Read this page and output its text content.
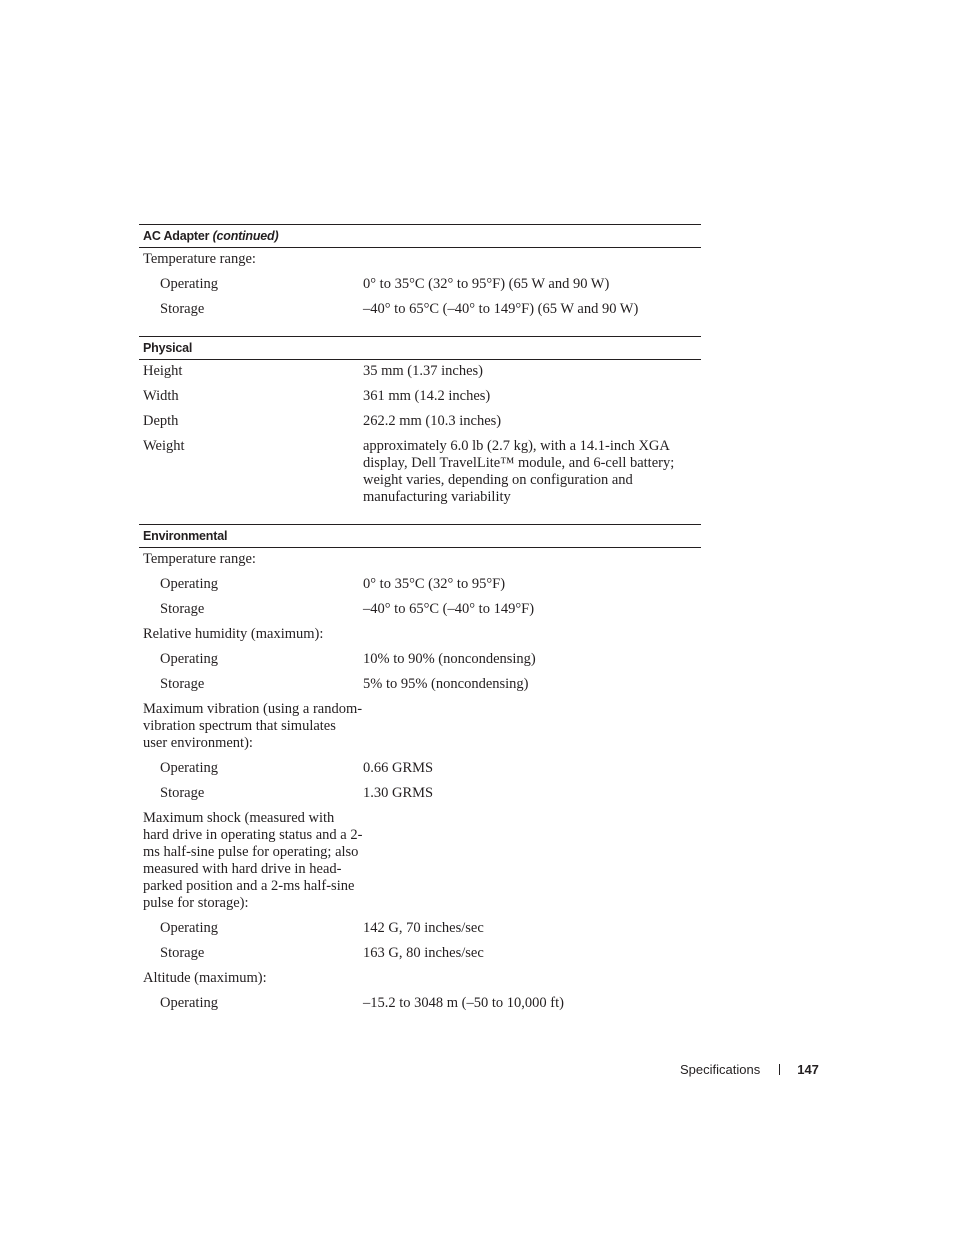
AC Adapter (continued)
Temperature range:
Operating	0° to 35°C (32° to 95°F) (65 W and 90 W)
Storage	–40° to 65°C (–40° to 149°F) (65 W and 90 W)
Physical
Height	35 mm (1.37 inches)
Width	361 mm (14.2 inches)
Depth	262.2 mm (10.3 inches)
Weight	approximately 6.0 lb (2.7 kg), with a 14.1-inch XGA display, Dell TravelLite™ module, and 6-cell battery; weight varies, depending on configuration and manufacturing variability
Environmental
Temperature range:
Operating	0° to 35°C (32° to 95°F)
Storage	–40° to 65°C (–40° to 149°F)
Relative humidity (maximum):
Operating	10% to 90% (noncondensing)
Storage	5% to 95% (noncondensing)
Maximum vibration (using a random-vibration spectrum that simulates user environment):
Operating	0.66 GRMS
Storage	1.30 GRMS
Maximum shock (measured with hard drive in operating status and a 2-ms half-sine pulse for operating; also measured with hard drive in head-parked position and a 2-ms half-sine pulse for storage):
Operating	142 G, 70 inches/sec
Storage	163 G, 80 inches/sec
Altitude (maximum):
Operating	–15.2 to 3048 m (–50 to 10,000 ft)
Specifications	147
